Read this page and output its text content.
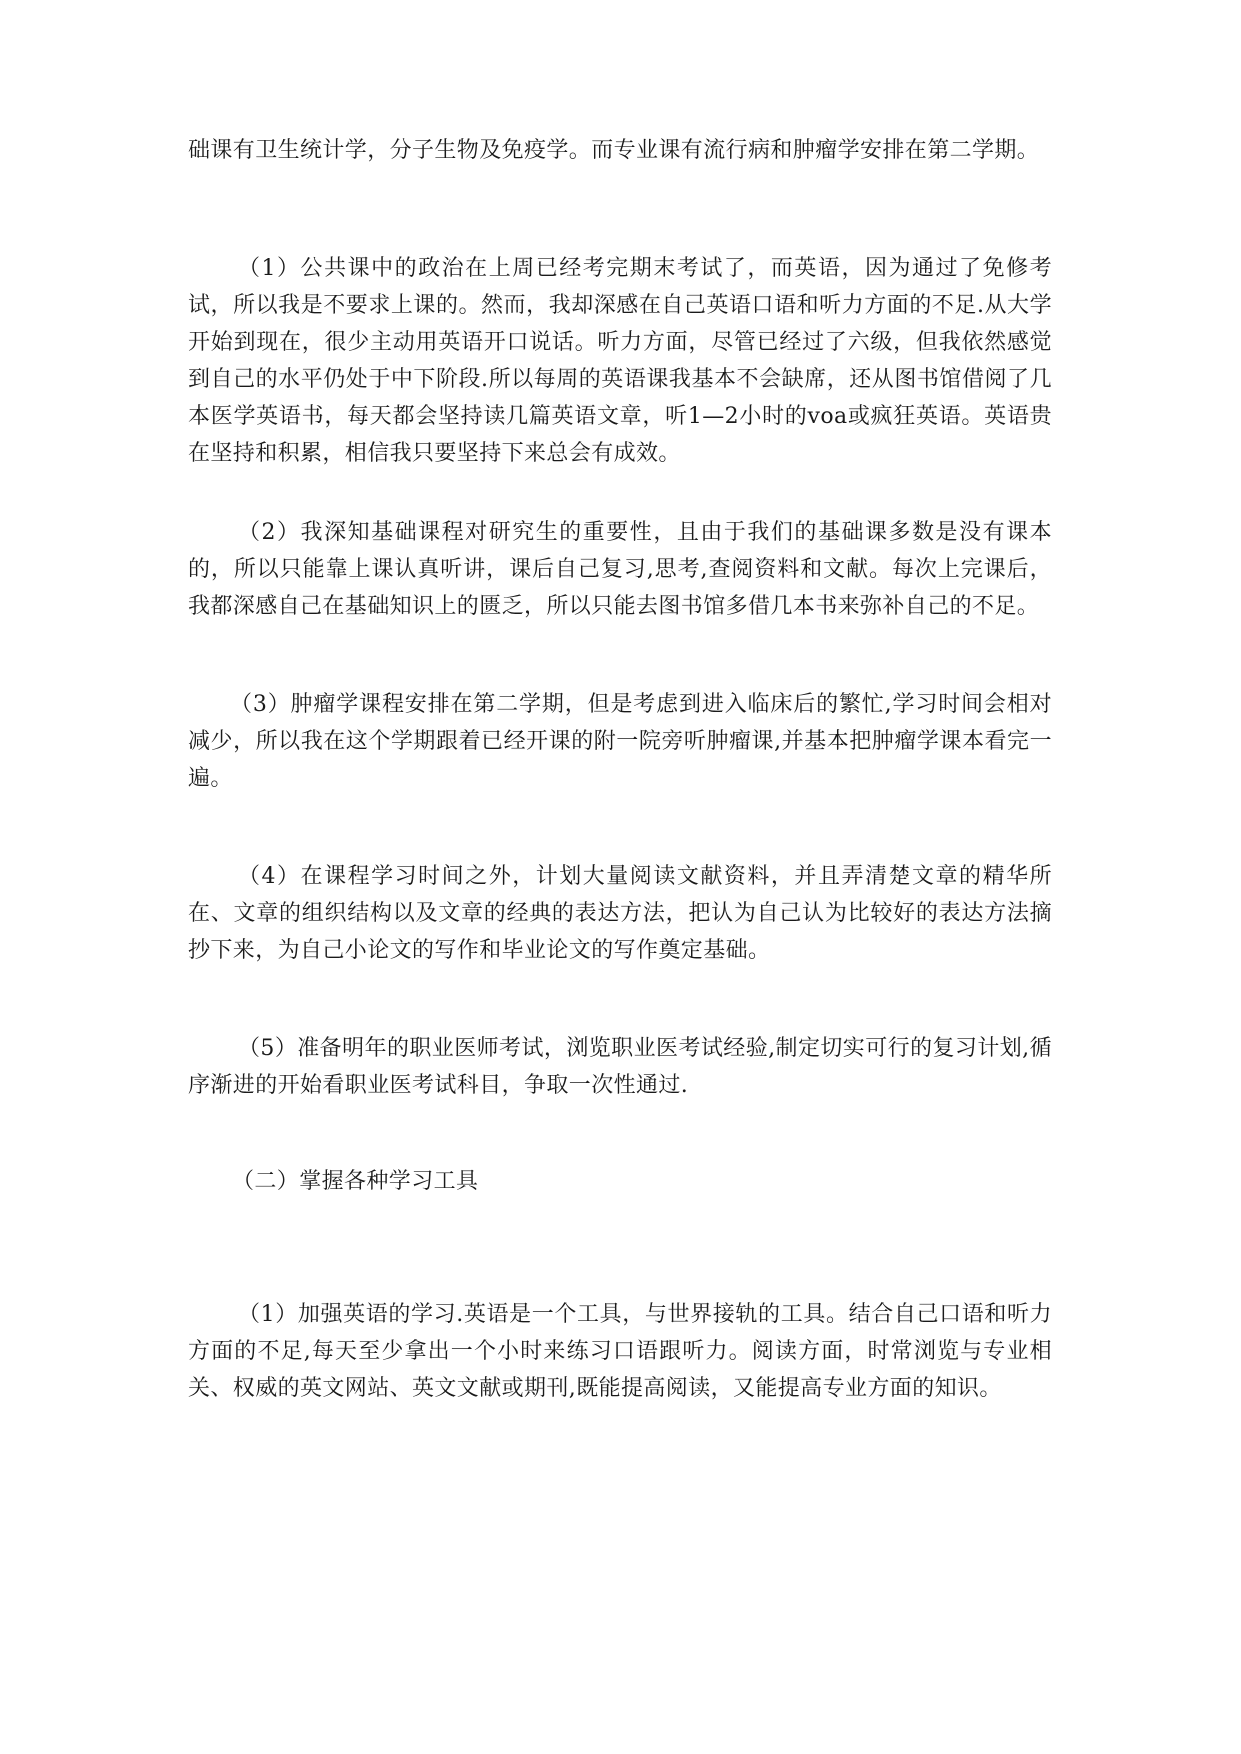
础课有卫生统计学，分子生物及免疫学。而专业课有流行病和肿瘤学安排在第二学期。

（1）公共课中的政治在上周已经考完期末考试了，而英语，因为通过了免修考试，所以我是不要求上课的。然而，我却深感在自己英语口语和听力方面的不足.从大学开始到现在，很少主动用英语开口说话。听力方面，尽管已经过了六级，但我依然感觉到自己的水平仍处于中下阶段.所以每周的英语课我基本不会缺席，还从图书馆借阅了几本医学英语书，每天都会坚持读几篇英语文章，听1—2小时的voa或疯狂英语。英语贵在坚持和积累，相信我只要坚持下来总会有成效。

（2）我深知基础课程对研究生的重要性，且由于我们的基础课多数是没有课本的，所以只能靠上课认真听讲，课后自己复习,思考,查阅资料和文献。每次上完课后，我都深感自己在基础知识上的匮乏，所以只能去图书馆多借几本书来弥补自己的不足。

（3）肿瘤学课程安排在第二学期，但是考虑到进入临床后的繁忙,学习时间会相对减少，所以我在这个学期跟着已经开课的附一院旁听肿瘤课,并基本把肿瘤学课本看完一遍。

（4）在课程学习时间之外，计划大量阅读文献资料，并且弄清楚文章的精华所在、文章的组织结构以及文章的经典的表达方法，把认为自己认为比较好的表达方法摘抄下来，为自己小论文的写作和毕业论文的写作奠定基础。

（5）准备明年的职业医师考试，浏览职业医考试经验,制定切实可行的复习计划,循序渐进的开始看职业医考试科目，争取一次性通过.

（二）掌握各种学习工具

（1）加强英语的学习.英语是一个工具，与世界接轨的工具。结合自己口语和听力方面的不足,每天至少拿出一个小时来练习口语跟听力。阅读方面，时常浏览与专业相关、权威的英文网站、英文文献或期刊,既能提高阅读，又能提高专业方面的知识。
